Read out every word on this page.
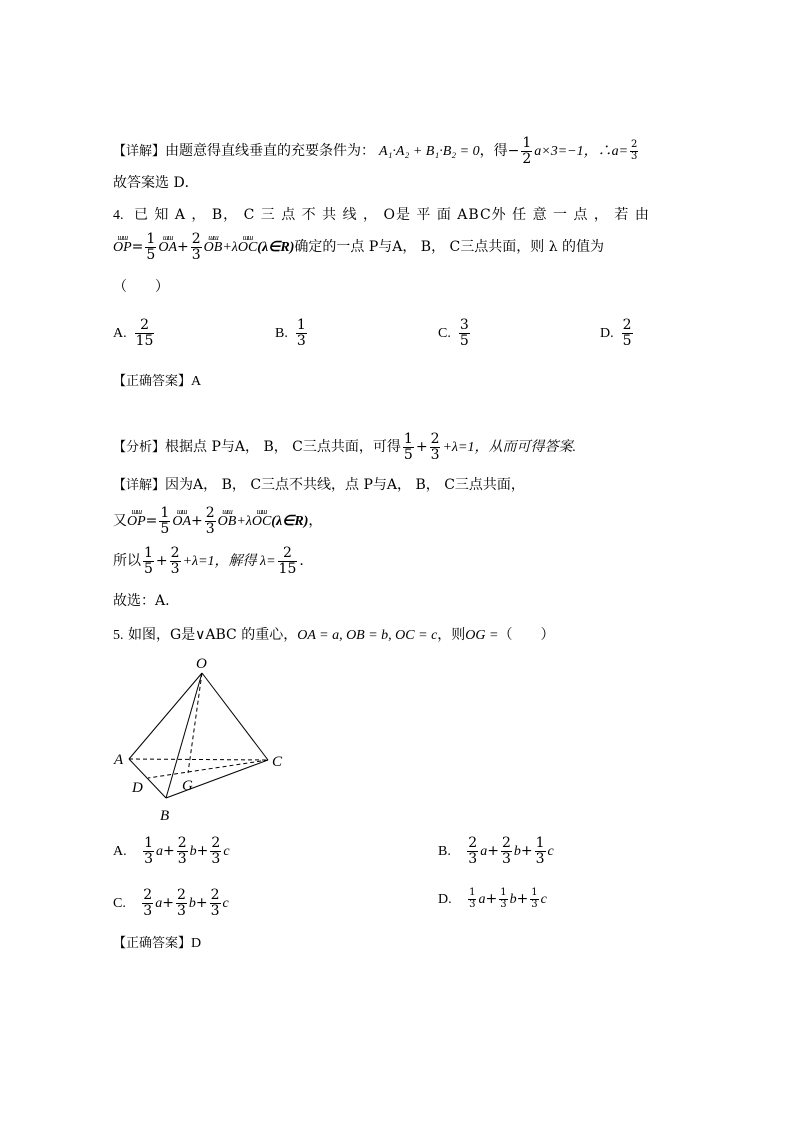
【详解】由题意得直线垂直的充要条件为： A₁·A₂ + B₁·B₂ = 0，得− $\frac{1}{2} a\times 3=-1$，∴a= $\frac{2}{3}$
故答案选 D．
4. 已 知 A ， B， C 三 点 不 共 线 ， O是 平 面 ABC外 任 意 一 点 ， 若 由
ɯɯ
$OP= \frac{1}{5}$ ɯɯ
$OA+ \frac{2}{3}$ ɯɯ
OB+λ
ɯɯ
OC(λ∈R)确定的一点 P与A， B， C三点共面，则 λ 的值为
（　　）
A. $\frac{2}{15}$	B. $\frac{1}{3}$	C. $\frac{3}{5}$	D. $\frac{2}{5}$
【正确答案】A
【分析】根据点 P与A， B， C三点共面，可得 $\frac{1}{5} + \frac{2}{3} +\lambda=1$，从而可得答案.
【详解】因为A， B， C三点不共线，点 P与A， B， C三点共面，
又
ɯɯ
$OP= \frac{1}{5}$ ɯɯ
$OA+ \frac{2}{3}$ ɯɯ
OB+λ
ɯɯ
OC(λ∈R)，
所以 $\frac{1}{5} + \frac{2}{3} +\lambda=1$，解得 $\lambda= \frac{2}{15}$ .
故选：A.
5. 如图，G是∨ABC 的重心，OA = a, OB = b, OC = c，则OG =（　　）
O
A	C
D	G
B
A. $\frac{1}{3} a+ \frac{2}{3} b+ \frac{2}{3}$ c	B. $\frac{2}{3} a+ \frac{2}{3} b+ \frac{1}{3}$ c
C. $\frac{2}{3} a+ \frac{2}{3} b+ \frac{2}{3}$ c	D. $\frac{1}{3} a+ \frac{1}{3} b+ \frac{1}{3}$ c
【正确答案】D
